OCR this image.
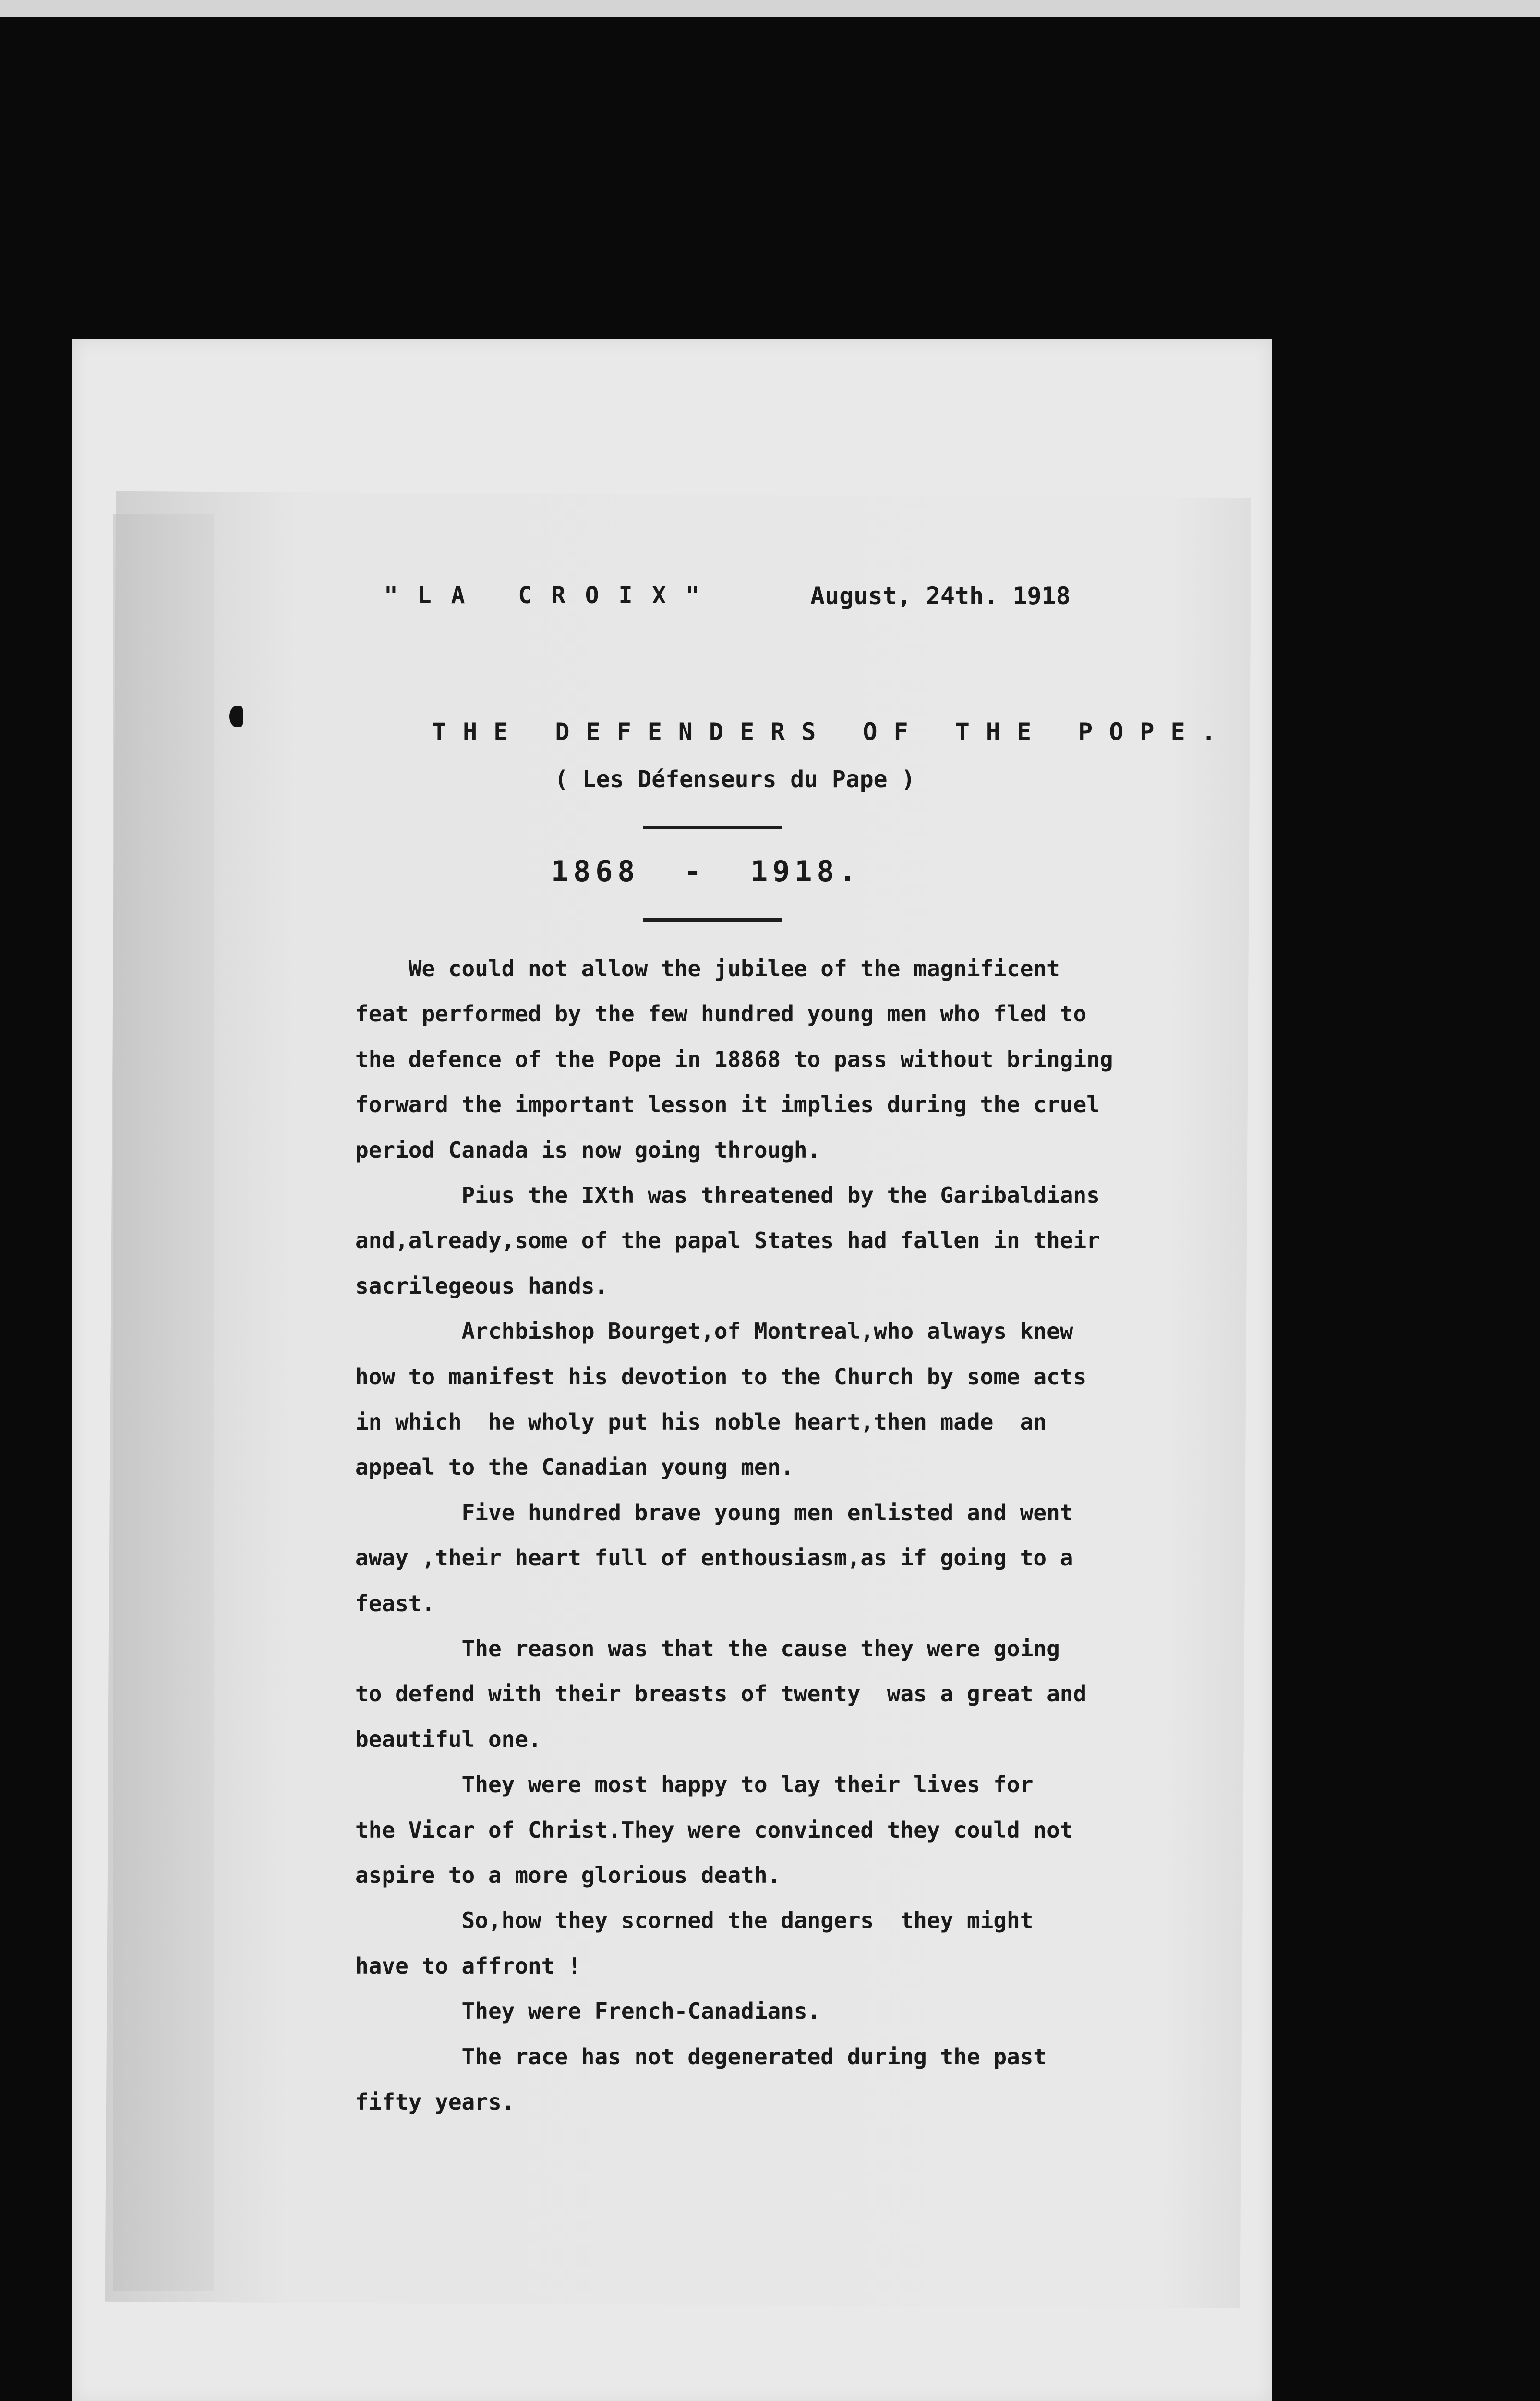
" L A   C R O I X "	August, 24th. 1918
THE DEFENDERS OF THE POPE.
( Les Défenseurs du Pape )
1868  -  1918.
We could not allow the jubilee of the magnificent
feat performed by the few hundred young men who fled to
the defence of the Pope in 18868 to pass without bringing
forward the important lesson it implies during the cruel
period Canada is now going through.
Pius the IXth was threatened by the Garibaldians
and,already,some of the papal States had fallen in their
sacrilegeous hands.
Archbishop Bourget,of Montreal,who always knew
how to manifest his devotion to the Church by some acts
in which  he wholy put his noble heart,then made  an
appeal to the Canadian young men.
Five hundred brave young men enlisted and went
away ,their heart full of enthousiasm,as if going to a
feast.
The reason was that the cause they were going
to defend with their breasts of twenty  was a great and
beautiful one.
They were most happy to lay their lives for
the Vicar of Christ.They were convinced they could not
aspire to a more glorious death.
So,how they scorned the dangers  they might
have to affront !
They were French-Canadians.
The race has not degenerated during the past
fifty years.
